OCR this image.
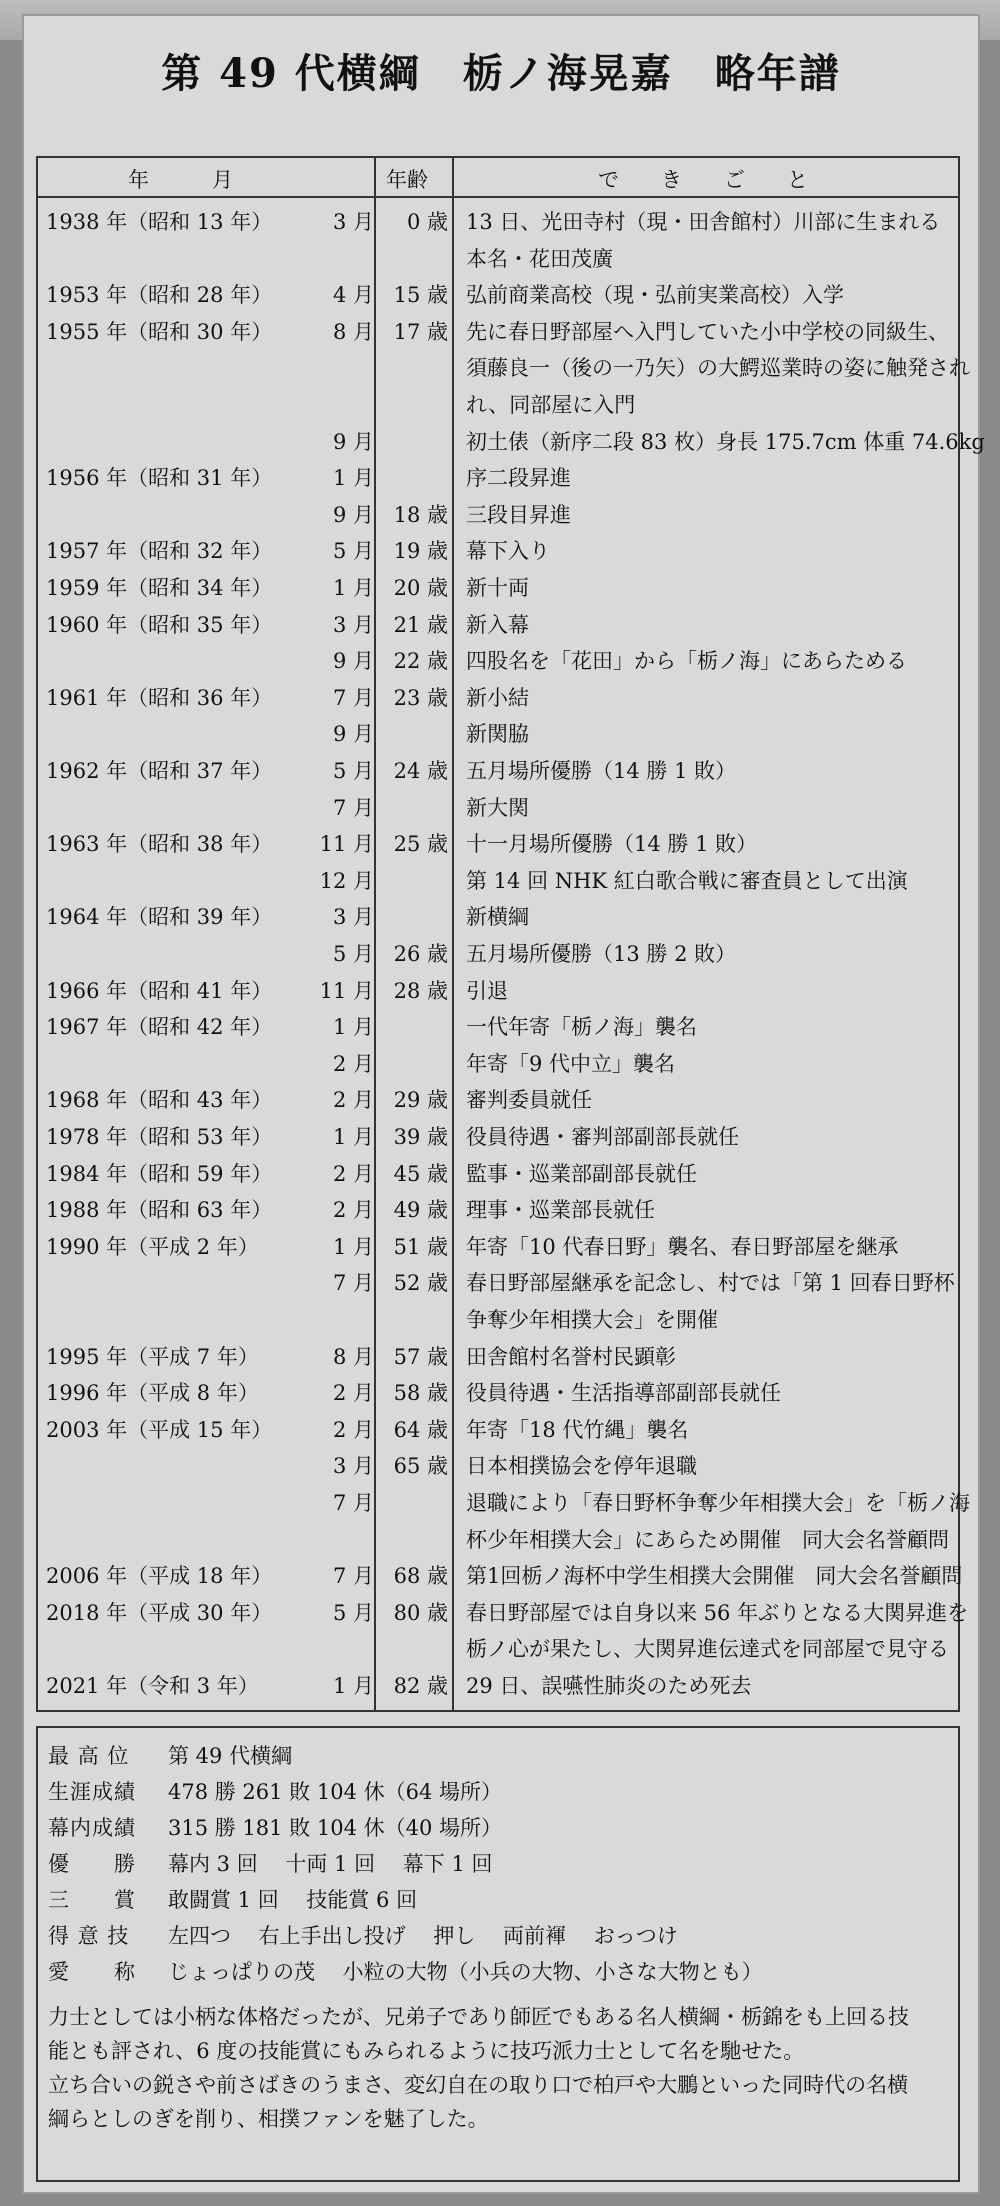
第 49 代横綱　栃ノ海晃嘉　略年譜
年　　　月	年齢	で　　き　　ご　　と
1938 年（昭和 13 年）	3 月	0 歳 13 日、光田寺村（現・田舎館村）川部に生まれる
本名・花田茂廣
1953 年（昭和 28 年）	4 月 15 歳 弘前商業高校（現・弘前実業高校）入学
1955 年（昭和 30 年）	8 月 17 歳 先に春日野部屋へ入門していた小中学校の同級生、
須藤良一（後の一乃矢）の大鰐巡業時の姿に触発され
れ、同部屋に入門
9 月	初土俵（新序二段 83 枚）身長 175.7cm 体重 74.6kg
1956 年（昭和 31 年）	1 月	序二段昇進
9 月 18 歳 三段目昇進
1957 年（昭和 32 年）	5 月 19 歳 幕下入り
1959 年（昭和 34 年）	1 月 20 歳 新十両
1960 年（昭和 35 年）	3 月 21 歳 新入幕
9 月 22 歳 四股名を「花田」から「栃ノ海」にあらためる
1961 年（昭和 36 年）	7 月 23 歳 新小結
9 月	新関脇
1962 年（昭和 37 年）	5 月 24 歳 五月場所優勝（14 勝 1 敗）
7 月	新大関
1963 年（昭和 38 年）	11 月 25 歳 十一月場所優勝（14 勝 1 敗）
12 月	第 14 回 NHK 紅白歌合戦に審査員として出演
1964 年（昭和 39 年）	3 月	新横綱
5 月 26 歳 五月場所優勝（13 勝 2 敗）
1966 年（昭和 41 年）	11 月 28 歳 引退
1967 年（昭和 42 年）	1 月	一代年寄「栃ノ海」襲名
2 月	年寄「9 代中立」襲名
1968 年（昭和 43 年）	2 月 29 歳 審判委員就任
1978 年（昭和 53 年）	1 月 39 歳 役員待遇・審判部副部長就任
1984 年（昭和 59 年）	2 月 45 歳 監事・巡業部副部長就任
1988 年（昭和 63 年）	2 月 49 歳 理事・巡業部長就任
1990 年（平成 2 年）	1 月 51 歳 年寄「10 代春日野」襲名、春日野部屋を継承
7 月 52 歳 春日野部屋継承を記念し、村では「第 1 回春日野杯
争奪少年相撲大会」を開催
1995 年（平成 7 年）	8 月 57 歳 田舎館村名誉村民顕彰
1996 年（平成 8 年）	2 月 58 歳 役員待遇・生活指導部副部長就任
2003 年（平成 15 年）	2 月 64 歳 年寄「18 代竹縄」襲名
3 月 65 歳 日本相撲協会を停年退職
7 月	退職により「春日野杯争奪少年相撲大会」を「栃ノ海
杯少年相撲大会」にあらため開催　同大会名誉顧問
2006 年（平成 18 年）	7 月 68 歳 第1回栃ノ海杯中学生相撲大会開催　同大会名誉顧問
2018 年（平成 30 年）	5 月 80 歳 春日野部屋では自身以来 56 年ぶりとなる大関昇進を
栃ノ心が果たし、大関昇進伝達式を同部屋で見守る
2021 年（令和 3 年）	1 月 82 歳 29 日、誤嚥性肺炎のため死去
最 高 位 第 49 代横綱
生涯成績 478 勝 261 敗 104 休（64 場所）
幕内成績 315 勝 181 敗 104 休（40 場所）
優　　勝 幕内 3 回　 十両 1 回　 幕下 1 回
三　　賞 敢闘賞 1 回　 技能賞 6 回
得 意 技 左四つ　 右上手出し投げ　 押し　 両前褌　 おっつけ
愛　　称 じょっぱりの茂　 小粒の大物（小兵の大物、小さな大物とも）
力士としては小柄な体格だったが、兄弟子であり師匠でもある名人横綱・栃錦をも上回る技
能とも評され、6 度の技能賞にもみられるように技巧派力士として名を馳せた。
立ち合いの鋭さや前さばきのうまさ、変幻自在の取り口で柏戸や大鵬といった同時代の名横
綱らとしのぎを削り、相撲ファンを魅了した。
